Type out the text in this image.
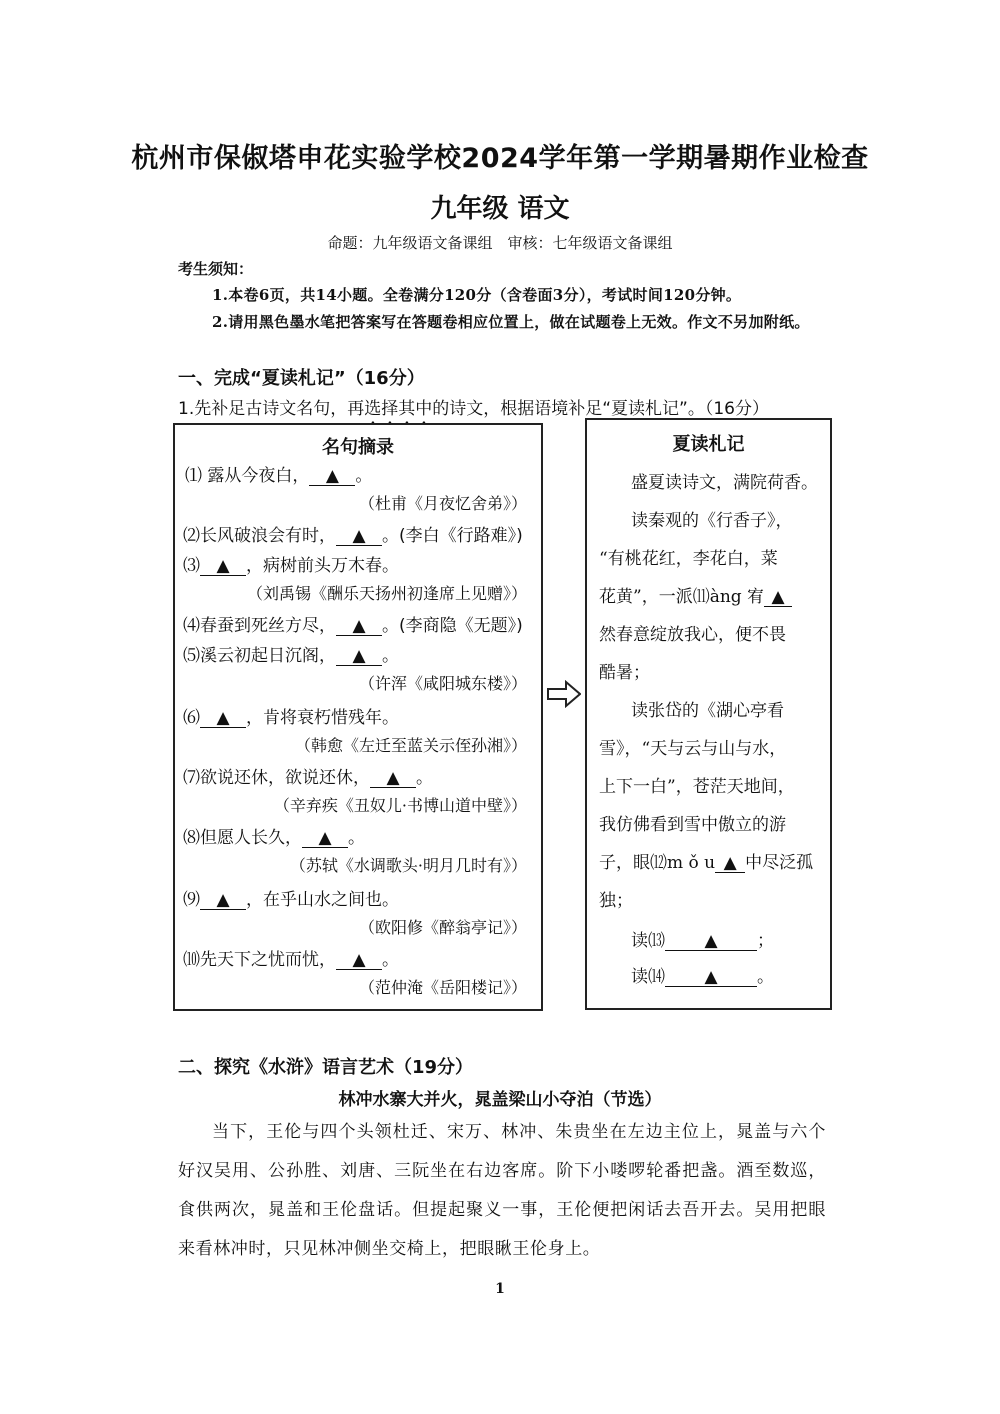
杭州市保俶塔申花实验学校2024学年第一学期暑期作业检查
九年级 语文
命题：九年级语文备课组　审核：七年级语文备课组
考生须知：
1.本卷6页，共14小题。全卷满分120分（含卷面3分），考试时间120分钟。
2.请用黑色墨水笔把答案写在答题卷相应位置上，做在试题卷上无效。作文不另加附纸。
一、完成“夏读札记”（16分）
1.先补足古诗文名句，再选择其中的诗文，根据语境补足“夏读札记”。（16分）
名句摘录
⑴ 露从今夜白， ▲ 。
（杜甫《月夜忆舍弟》）
⑵长风破浪会有时， ▲ 。(李白《行路难》)
⑶ ▲ ，病树前头万木春。
（刘禹锡《酬乐天扬州初逢席上见赠》）
⑷春蚕到死丝方尽， ▲ 。(李商隐《无题》)
⑸溪云初起日沉阁， ▲ 。
（许浑《咸阳城东楼》）
⑹ ▲ ，肯将衰朽惜残年。
（韩愈《左迁至蓝关示侄孙湘》）
⑺欲说还休，欲说还休， ▲ 。
（辛弃疾《丑奴儿·书博山道中壁》）
⑻但愿人长久， ▲ 。
（苏轼《水调歌头·明月几时有》）
⑼ ▲ ，在乎山水之间也。
（欧阳修《醉翁亭记》）
⑽先天下之忧而忧， ▲ 。
（范仲淹《岳阳楼记》）
夏读札记
盛夏读诗文，满院荷香。
读秦观的《行香子》，
“有桃花红，李花白，菜
花黄”，一派⑾àng 宥 ▲
然春意绽放我心，便不畏
酷暑；
读张岱的《湖心亭看
雪》，“天与云与山与水，
上下一白”，苍茫天地间，
我仿佛看到雪中傲立的游
子，眼⑿m ǒ u ▲ 中尽泛孤
独；
读⒀ ▲ ；
读⒁ ▲ 。
二、探究《水浒》语言艺术（19分）
林冲水寨大并火，晁盖梁山小夺泊（节选）
当下，王伦与四个头领杜迁、宋万、林冲、朱贵坐在左边主位上，晁盖与六个好汉吴用、公孙胜、刘唐、三阮坐在右边客席。阶下小喽啰轮番把盏。酒至数巡，食供两次，晁盖和王伦盘话。但提起聚义一事，王伦便把闲话去吾开去。吴用把眼来看林冲时，只见林冲侧坐交椅上，把眼瞅王伦身上。
1
